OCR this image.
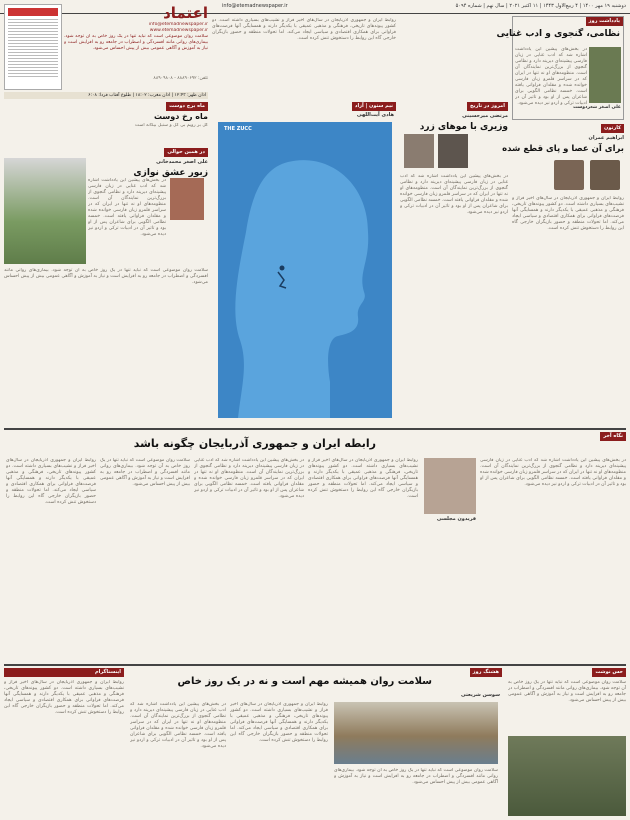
دوشنبه ۱۹ مهر ۱۴۰۰ | ۴ ربیع‌الاول ۱۴۴۳ | ۱۱ اکتبر ۲۰۲۱ | سال نهم | شماره ۵۰۹۴
info@etemadnewspaper.ir
یادداشت روز
نظامی، گنجوی و ادب غنایی
در بخش‌های پیشین این یادداشت اشاره شد که ادب غنایی در زبان فارسی پیشینه‌ای دیرینه دارد و نظامی گنجوی از بزرگ‌ترین نمایندگان آن است. منظومه‌های او نه تنها در ایران که در سراسر قلمرو زبان فارسی خوانده شده و مقلدان فراوانی یافته است. خمسه نظامی الگویی برای شاعران پس از او بود و تاثیر آن در ادبیات ترکی و اردو نیز دیده می‌شود.
علی اصغر شعردوست
کارتون
ابراهیم عمران
برای آن عصا و پای قطع شده
روابط ایران و جمهوری آذربایجان در سال‌های اخیر فراز و نشیب‌های بسیاری داشته است. دو کشور پیوندهای تاریخی، فرهنگی و مذهبی عمیقی با یکدیگر دارند و همسایگی آنها فرصت‌های فراوانی برای همکاری اقتصادی و سیاسی ایجاد می‌کند. اما تحولات منطقه و حضور بازیگران خارجی گاه این روابط را دستخوش تنش کرده است.
امروز در تاریخ
مرتضی میرحسینی
وزیری با موهای زرد
در بخش‌های پیشین این یادداشت اشاره شد که ادب غنایی در زبان فارسی پیشینه‌ای دیرینه دارد و نظامی گنجوی از بزرگ‌ترین نمایندگان آن است. منظومه‌های او نه تنها در ایران که در سراسر قلمرو زبان فارسی خوانده شده و مقلدان فراوانی یافته است. خمسه نظامی الگویی برای شاعران پس از او بود و تاثیر آن در ادبیات ترکی و اردو نیز دیده می‌شود.
روابط ایران و جمهوری آذربایجان در سال‌های اخیر فراز و نشیب‌های بسیاری داشته است. دو کشور پیوندهای تاریخی، فرهنگی و مذهبی عمیقی با یکدیگر دارند و همسایگی آنها فرصت‌های فراوانی برای همکاری اقتصادی و سیاسی ایجاد می‌کند. اما تحولات منطقه و حضور بازیگران خارجی گاه این روابط را دستخوش تنش کرده است.
نیم ستون | آزاد
هادی آیت‌اللهی
THE ZUCC
اعتماد
info@etemadnewspaper.ir
www.etemadnewspaper.ir
سلامت روان موضوعی است که نباید تنها در یک روز خاص به آن توجه شود. بیماری‌های روانی مانند افسردگی و اضطراب در جامعه رو به افزایش است و نیاز به آموزش و آگاهی عمومی بیش از پیش احساس می‌شود.
تلفن: ۸۸۸۹۰۶۹۲ - ۸۸۹۰۹۸۰۸
اذان ظهر: ۱۲:۴۳ | اذان مغرب: ۱۸:۰۲ | طلوع آفتاب فردا: ۶:۰۸
ماه برج دوست
ماه رخ دوست
گل بر رویم بی گل و سنبل بیگانه است
در همین حوالی
علی اصغر محمدخانی
زبور عشق نوازی
در بخش‌های پیشین این یادداشت اشاره شد که ادب غنایی در زبان فارسی پیشینه‌ای دیرینه دارد و نظامی گنجوی از بزرگ‌ترین نمایندگان آن است. منظومه‌های او نه تنها در ایران که در سراسر قلمرو زبان فارسی خوانده شده و مقلدان فراوانی یافته است. خمسه نظامی الگویی برای شاعران پس از او بود و تاثیر آن در ادبیات ترکی و اردو نیز دیده می‌شود.
سلامت روان موضوعی است که نباید تنها در یک روز خاص به آن توجه شود. بیماری‌های روانی مانند افسردگی و اضطراب در جامعه رو به افزایش است و نیاز به آموزش و آگاهی عمومی بیش از پیش احساس می‌شود.
نگاه آخر
رابطه ایران و جمهوری آذربایجان چگونه باشد
فریدون مجلسی
روابط ایران و جمهوری آذربایجان در سال‌های اخیر فراز و نشیب‌های بسیاری داشته است. دو کشور پیوندهای تاریخی، فرهنگی و مذهبی عمیقی با یکدیگر دارند و همسایگی آنها فرصت‌های فراوانی برای همکاری اقتصادی و سیاسی ایجاد می‌کند. اما تحولات منطقه و حضور بازیگران خارجی گاه این روابط را دستخوش تنش کرده است.
در بخش‌های پیشین این یادداشت اشاره شد که ادب غنایی در زبان فارسی پیشینه‌ای دیرینه دارد و نظامی گنجوی از بزرگ‌ترین نمایندگان آن است. منظومه‌های او نه تنها در ایران که در سراسر قلمرو زبان فارسی خوانده شده و مقلدان فراوانی یافته است. خمسه نظامی الگویی برای شاعران پس از او بود و تاثیر آن در ادبیات ترکی و اردو نیز دیده می‌شود.
سلامت روان موضوعی است که نباید تنها در یک روز خاص به آن توجه شود. بیماری‌های روانی مانند افسردگی و اضطراب در جامعه رو به افزایش است و نیاز به آموزش و آگاهی عمومی بیش از پیش احساس می‌شود.
روابط ایران و جمهوری آذربایجان در سال‌های اخیر فراز و نشیب‌های بسیاری داشته است. دو کشور پیوندهای تاریخی، فرهنگی و مذهبی عمیقی با یکدیگر دارند و همسایگی آنها فرصت‌های فراوانی برای همکاری اقتصادی و سیاسی ایجاد می‌کند. اما تحولات منطقه و حضور بازیگران خارجی گاه این روابط را دستخوش تنش کرده است.
در بخش‌های پیشین این یادداشت اشاره شد که ادب غنایی در زبان فارسی پیشینه‌ای دیرینه دارد و نظامی گنجوی از بزرگ‌ترین نمایندگان آن است. منظومه‌های او نه تنها در ایران که در سراسر قلمرو زبان فارسی خوانده شده و مقلدان فراوانی یافته است. خمسه نظامی الگویی برای شاعران پس از او بود و تاثیر آن در ادبیات ترکی و اردو نیز دیده می‌شود.
حس نوشت
سلامت روان موضوعی است که نباید تنها در یک روز خاص به آن توجه شود. بیماری‌های روانی مانند افسردگی و اضطراب در جامعه رو به افزایش است و نیاز به آموزش و آگاهی عمومی بیش از پیش احساس می‌شود.
هشتگ روز
سلامت روان همیشه مهم است و نه در یک روز خاص
سوسن شریعتی
سلامت روان موضوعی است که نباید تنها در یک روز خاص به آن توجه شود. بیماری‌های روانی مانند افسردگی و اضطراب در جامعه رو به افزایش است و نیاز به آموزش و آگاهی عمومی بیش از پیش احساس می‌شود.
روابط ایران و جمهوری آذربایجان در سال‌های اخیر فراز و نشیب‌های بسیاری داشته است. دو کشور پیوندهای تاریخی، فرهنگی و مذهبی عمیقی با یکدیگر دارند و همسایگی آنها فرصت‌های فراوانی برای همکاری اقتصادی و سیاسی ایجاد می‌کند. اما تحولات منطقه و حضور بازیگران خارجی گاه این روابط را دستخوش تنش کرده است.
در بخش‌های پیشین این یادداشت اشاره شد که ادب غنایی در زبان فارسی پیشینه‌ای دیرینه دارد و نظامی گنجوی از بزرگ‌ترین نمایندگان آن است. منظومه‌های او نه تنها در ایران که در سراسر قلمرو زبان فارسی خوانده شده و مقلدان فراوانی یافته است. خمسه نظامی الگویی برای شاعران پس از او بود و تاثیر آن در ادبیات ترکی و اردو نیز دیده می‌شود.
اینستاگرام
روابط ایران و جمهوری آذربایجان در سال‌های اخیر فراز و نشیب‌های بسیاری داشته است. دو کشور پیوندهای تاریخی، فرهنگی و مذهبی عمیقی با یکدیگر دارند و همسایگی آنها فرصت‌های فراوانی برای همکاری اقتصادی و سیاسی ایجاد می‌کند. اما تحولات منطقه و حضور بازیگران خارجی گاه این روابط را دستخوش تنش کرده است.
